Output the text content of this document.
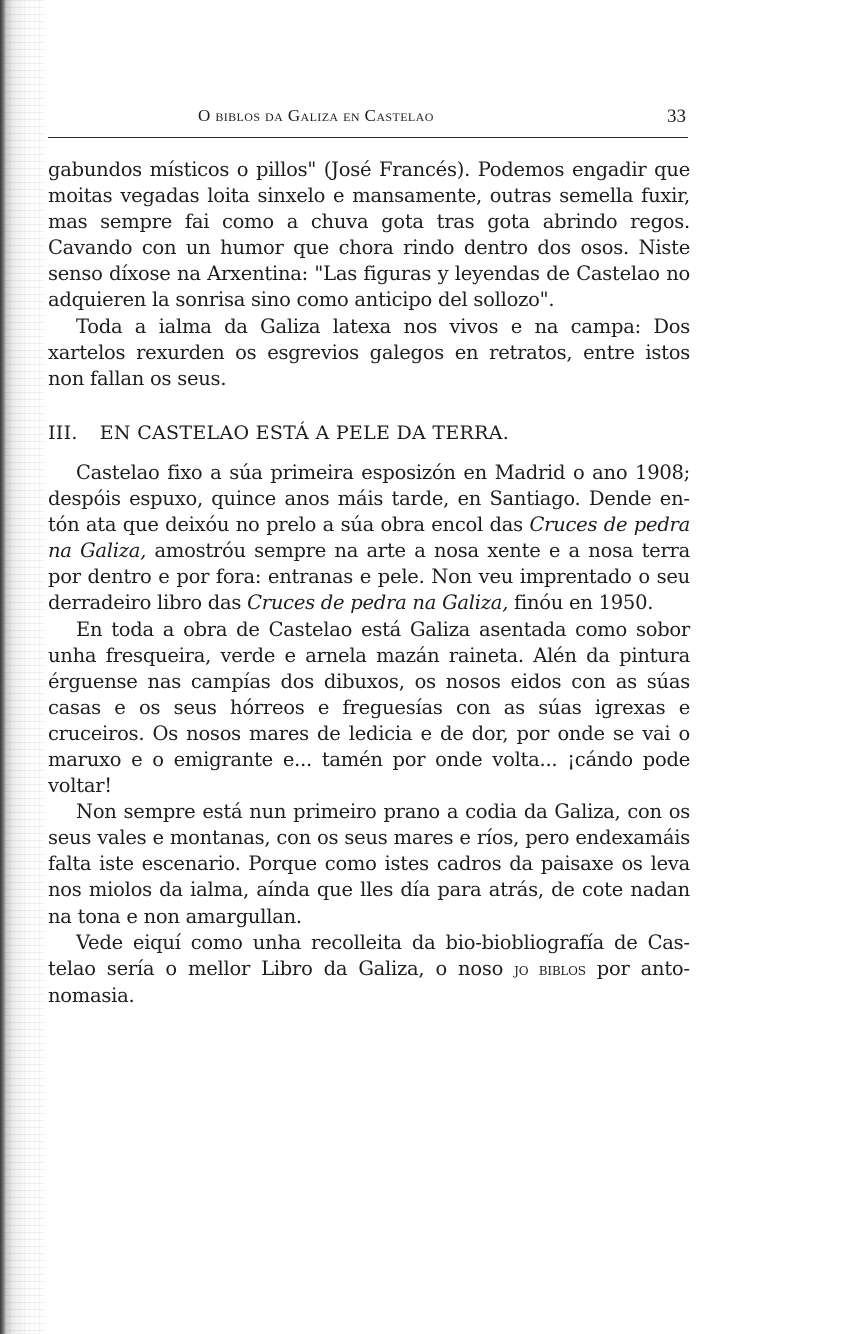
O biblos da Galiza en Castelao	33

gabundos místicos o pillos" (José Francés). Podemos engadir que moitas vegadas loita sinxelo e mansamente, outras semella fuxir, mas sempre fai como a chuva gota tras gota abrindo regos. Cavando con un humor que chora rindo dentro dos osos. Niste senso díxose na Arxentina: "Las figuras y leyendas de Castelao no adquieren la sonrisa sino como anticipo del sollozo".

Toda a ialma da Galiza latexa nos vivos e na campa: Dos xartelos rexurden os esgrevios galegos en retratos, entre istos non fallan os seus.

III. EN CASTELAO ESTÁ A PELE DA TERRA.

Castelao fixo a súa primeira esposizón en Madrid o ano 1908; despóis espuxo, quince anos máis tarde, en Santiago. Dende entón ata que deixóu no prelo a súa obra encol das Cruces de pedra na Galiza, amostróu sempre na arte a nosa xente e a nosa terra por dentro e por fora: entranas e pele. Non veu imprentado o seu derradeiro libro das Cruces de pedra na Galiza, finóu en 1950.

En toda a obra de Castelao está Galiza asentada como sobor unha fresqueira, verde e arnela mazán raineta. Alén da pintura érguense nas campías dos dibuxos, os nosos eidos con as súas casas e os seus hórreos e freguesías con as súas igrexas e cruceiros. Os nosos mares de ledicia e de dor, por onde se vai o maruxo e o emigrante e... tamén por onde volta... ¡cándo pode voltar!

Non sempre está nun primeiro prano a codia da Galiza, con os seus vales e montanas, con os seus mares e ríos, pero endexamáis falta iste escenario. Porque como istes cadros da paisaxe os leva nos miolos da ialma, aínda que lles día para atrás, de cote nadan na tona e non amargullan.

Vede eiquí como unha recolleita da bio-biobliografía de Castelao sería o mellor Libro da Galiza, o noso jo biblos por antonomasia.
